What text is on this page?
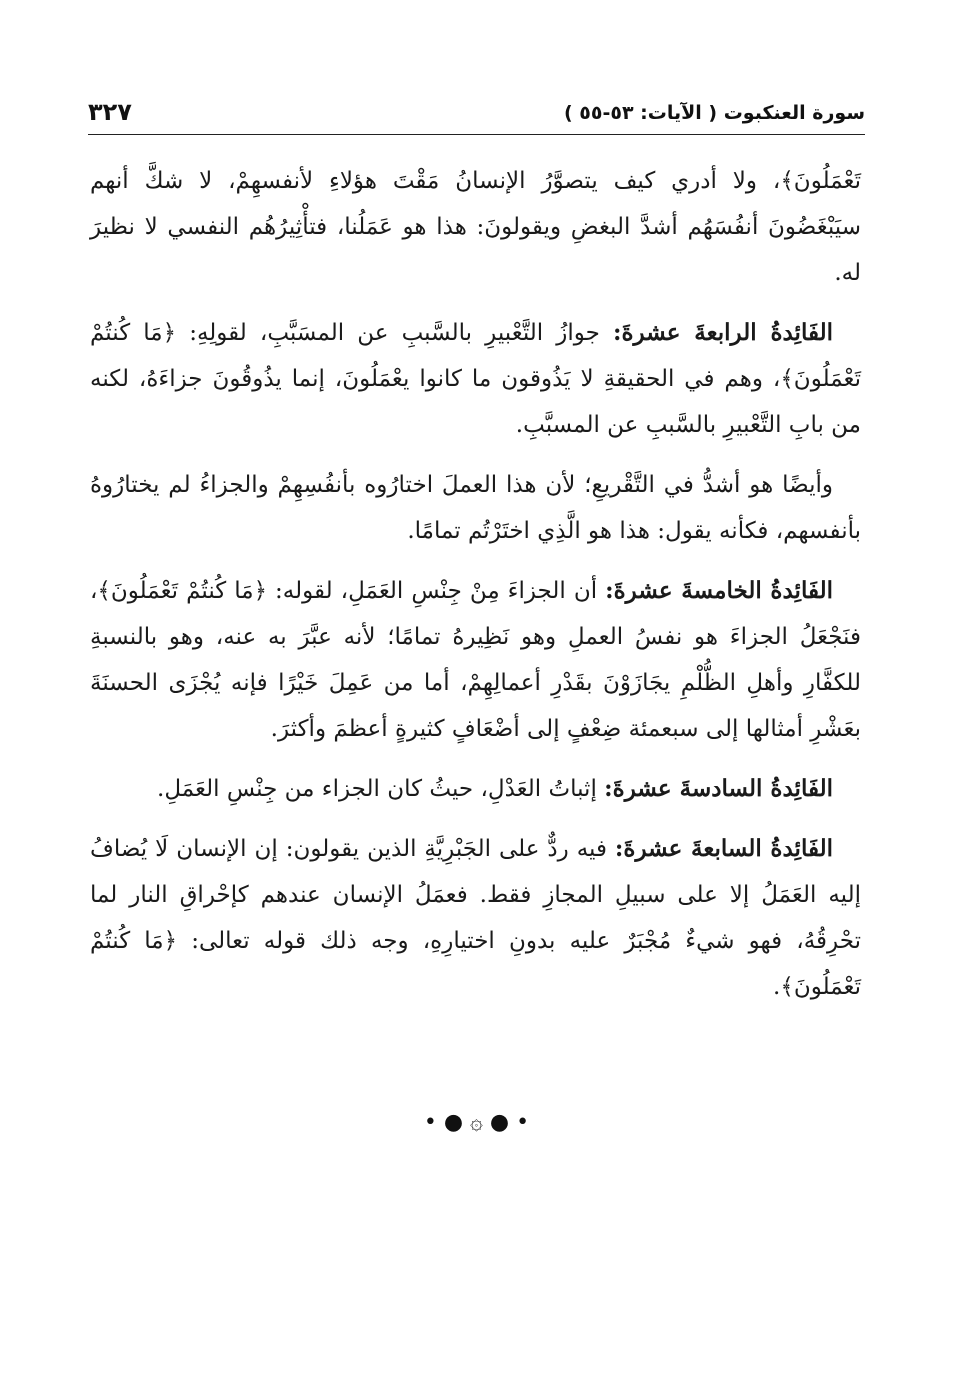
سورة العنكبوت ( الآيات: ٥٣-٥٥ )
٣٢٧

تَعْمَلُونَ﴾، ولا أدري كيف يتصوَّرُ الإنسانُ مَقْتَ هؤلاءِ لأنفسهِمْ، لا شكَّ أنهم سيَبْغَضُونَ أنفُسَهُم أشدَّ البغضِ ويقولونَ: هذا هو عَمَلُنا، فتأْثِيرُهُم النفسي لا نظيرَ له.

الفَائِدةُ الرابعةَ عشرةَ: جوازُ التَّعْبيرِ بالسَّببِ عن المسَبَّبِ، لقولِهِ: ﴿مَا كُنتُمْ تَعْمَلُونَ﴾، وهم في الحقيقةِ لا يَذُوقون ما كانوا يعْمَلُونَ، إنما يذُوقُونَ جزاءَهُ، لكنه من بابِ التَّعْبيرِ بالسَّببِ عن المسبَّبِ.

وأيضًا هو أشدُّ في التَّقْريعِ؛ لأن هذا العملَ اختارُوه بأنفُسِهِمْ والجزاءُ لم يختارُوهُ بأنفسهم، فكأنه يقول: هذا هو الَّذِي اختَرْتُم تمامًا.

الفَائِدةُ الخامسةَ عشرةَ: أن الجزاءَ مِنْ جِنْسِ العَمَلِ، لقوله: ﴿مَا كُنتُمْ تَعْمَلُونَ﴾، فنَجْعَلُ الجزاءَ هو نفسُ العملِ وهو نَظِيرهُ تمامًا؛ لأنه عبَّرَ به عنه، وهو بالنسبةِ للكفَّارِ وأهلِ الظُّلْمِ يجَازَوْنَ بقَدْرِ أعمالِهِمْ، أما من عَمِلَ خَيْرًا فإنه يُجْزَى الحسنَةَ بعَشْرِ أمثالها إلى سبعمئة ضِعْفٍ إلى أضْعَافٍ كثيرةٍ أعظمَ وأكثرَ.

الفَائِدةُ السادسةَ عشرةَ: إثباتُ العَدْلِ، حيثُ كان الجزاء من جِنْسِ العَمَلِ.

الفَائِدةُ السابعةَ عشرةَ: فيه ردٌّ على الجَبْرِيَّةِ الذين يقولون: إن الإنسان لَا يُضافُ إليه العَمَلُ إلا على سبيلِ المجازِ فقط. فعمَلُ الإنسان عندهم كإحْراقِ النار لما تحْرِقُهُ، فهو شيءٌ مُجْبَرٌ عليه بدونِ اختيارِهِ، وجه ذلك قوله تعالى: ﴿مَا كُنتُمْ تَعْمَلُونَ﴾.

• ● ۞ ● •
